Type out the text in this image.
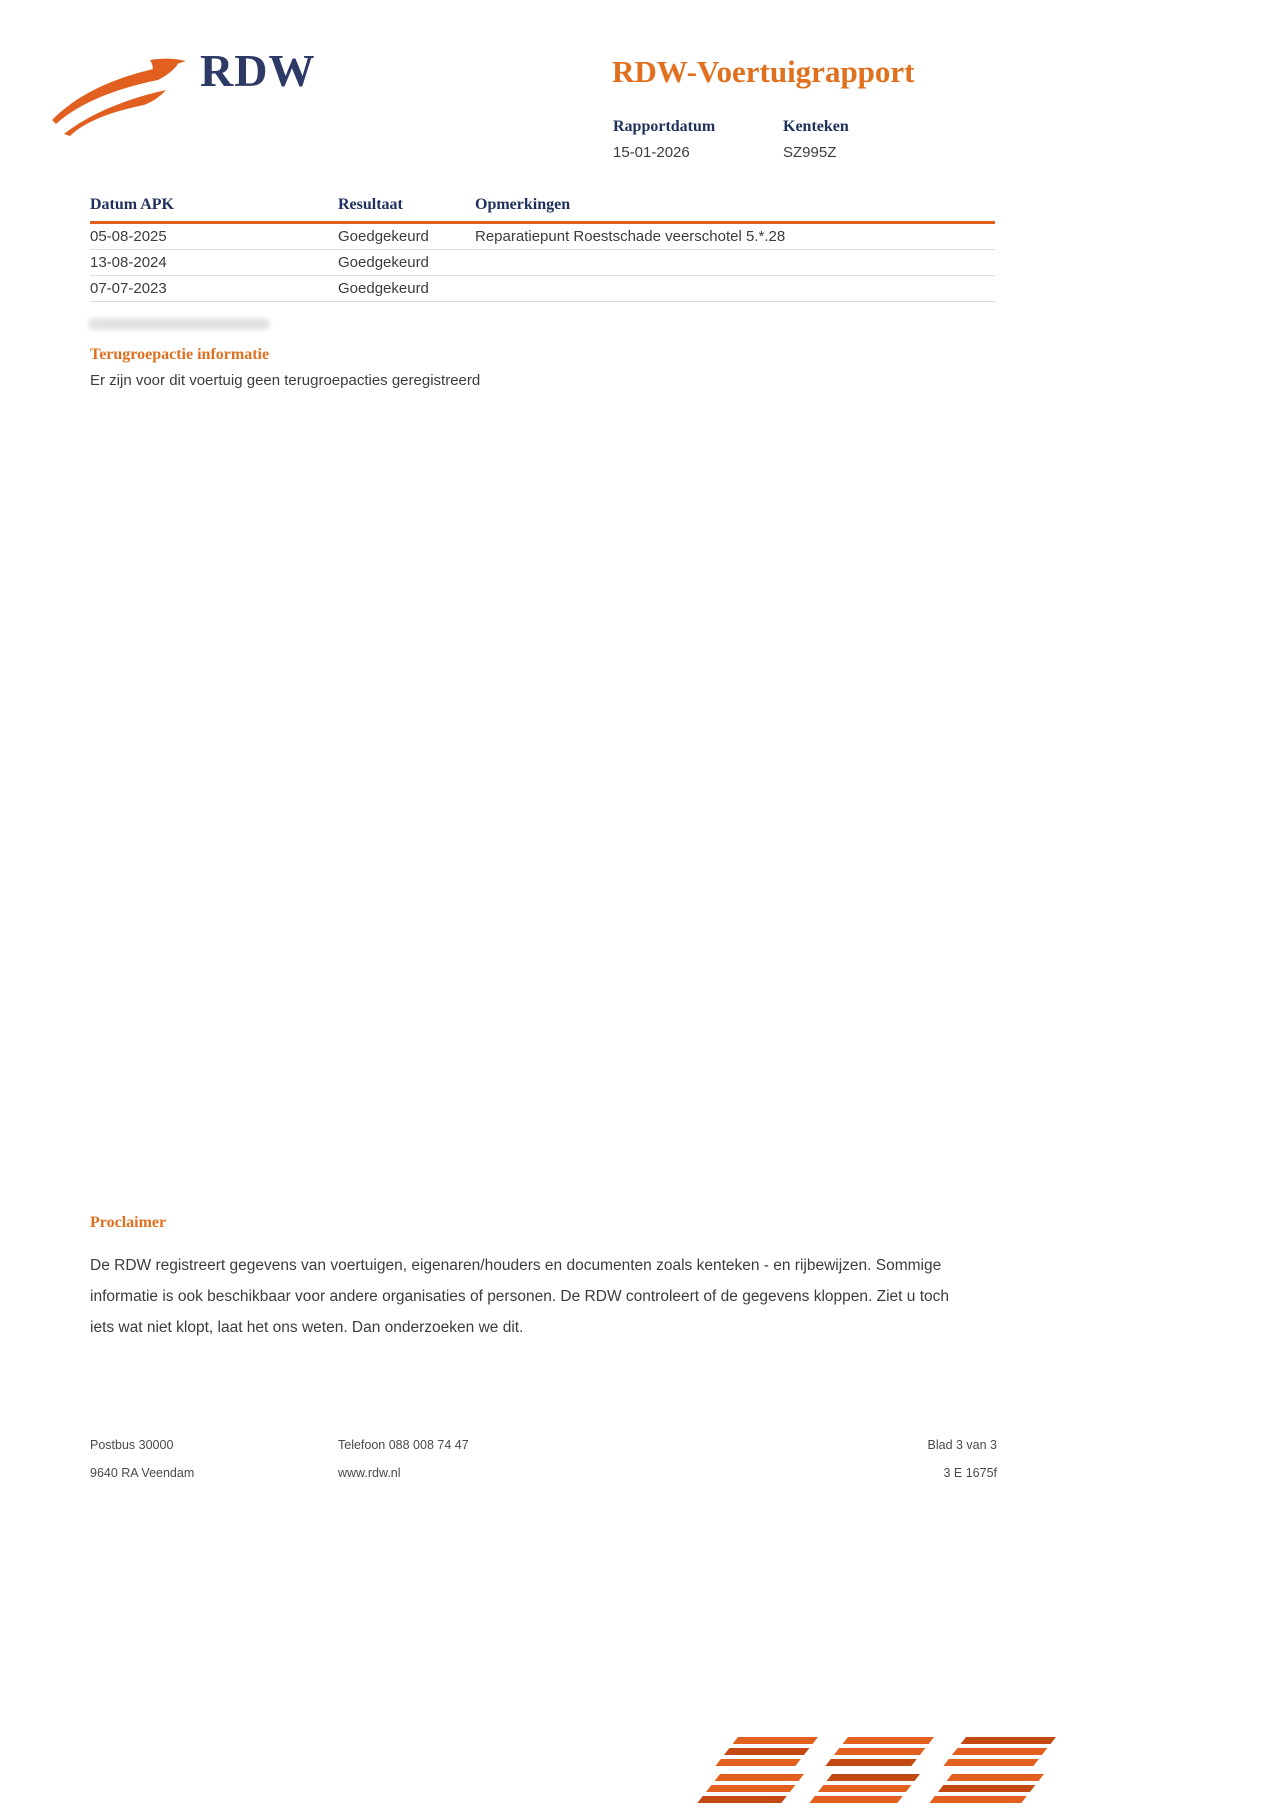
RDW	RDW-Voertuigrapport
Rapportdatum
15-01-2026
Kenteken
SZ995Z
Datum APK	Resultaat	Opmerkingen
05-08-2025	Goedgekeurd	Reparatiepunt Roestschade veerschotel 5.*.28
13-08-2024	Goedgekeurd
07-07-2023	Goedgekeurd
Terugroepactie informatie
Er zijn voor dit voertuig geen terugroepacties geregistreerd
Proclaimer
De RDW registreert gegevens van voertuigen, eigenaren/houders en documenten zoals kenteken - en rijbewijzen. Sommige informatie is ook beschikbaar voor andere organisaties of personen. De RDW controleert of de gegevens kloppen. Ziet u toch iets wat niet klopt, laat het ons weten. Dan onderzoeken we dit.
Postbus 30000
9640 RA Veendam
Telefoon 088 008 74 47
www.rdw.nl
Blad 3 van 3
3 E 1675f
